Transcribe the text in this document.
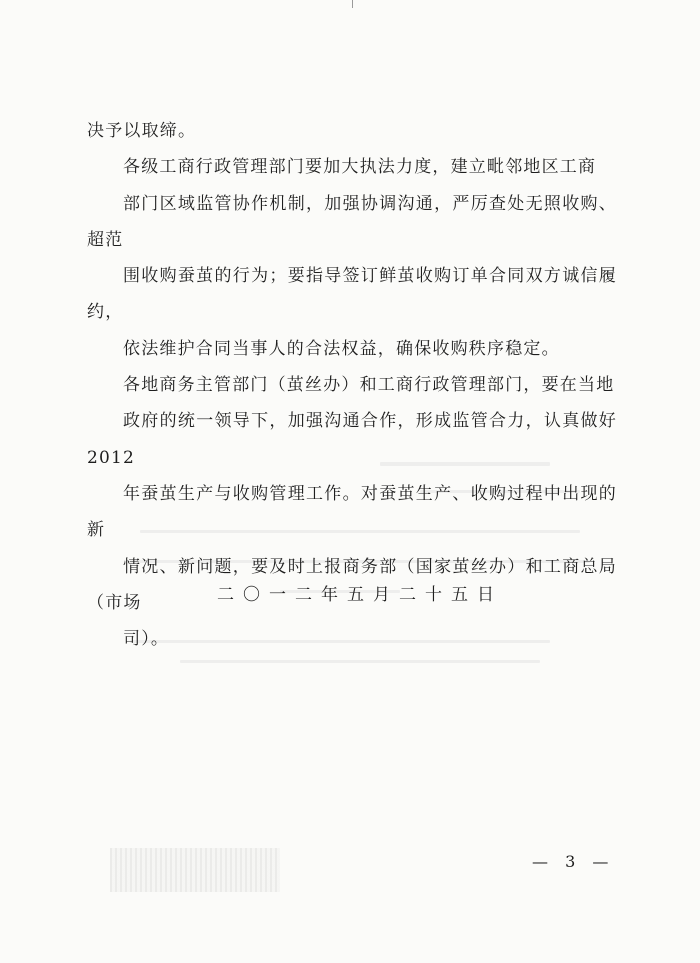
决予以取缔。

各级工商行政管理部门要加大执法力度，建立毗邻地区工商
部门区域监管协作机制，加强协调沟通，严厉查处无照收购、超范
围收购蚕茧的行为；要指导签订鲜茧收购订单合同双方诚信履约，
依法维护合同当事人的合法权益，确保收购秩序稳定。

各地商务主管部门（茧丝办）和工商行政管理部门，要在当地
政府的统一领导下，加强沟通合作，形成监管合力，认真做好 2012
年蚕茧生产与收购管理工作。对蚕茧生产、收购过程中出现的新
情况、新问题，要及时上报商务部（国家茧丝办）和工商总局（市场
司）。

二〇一二年五月二十五日
— 3 —
